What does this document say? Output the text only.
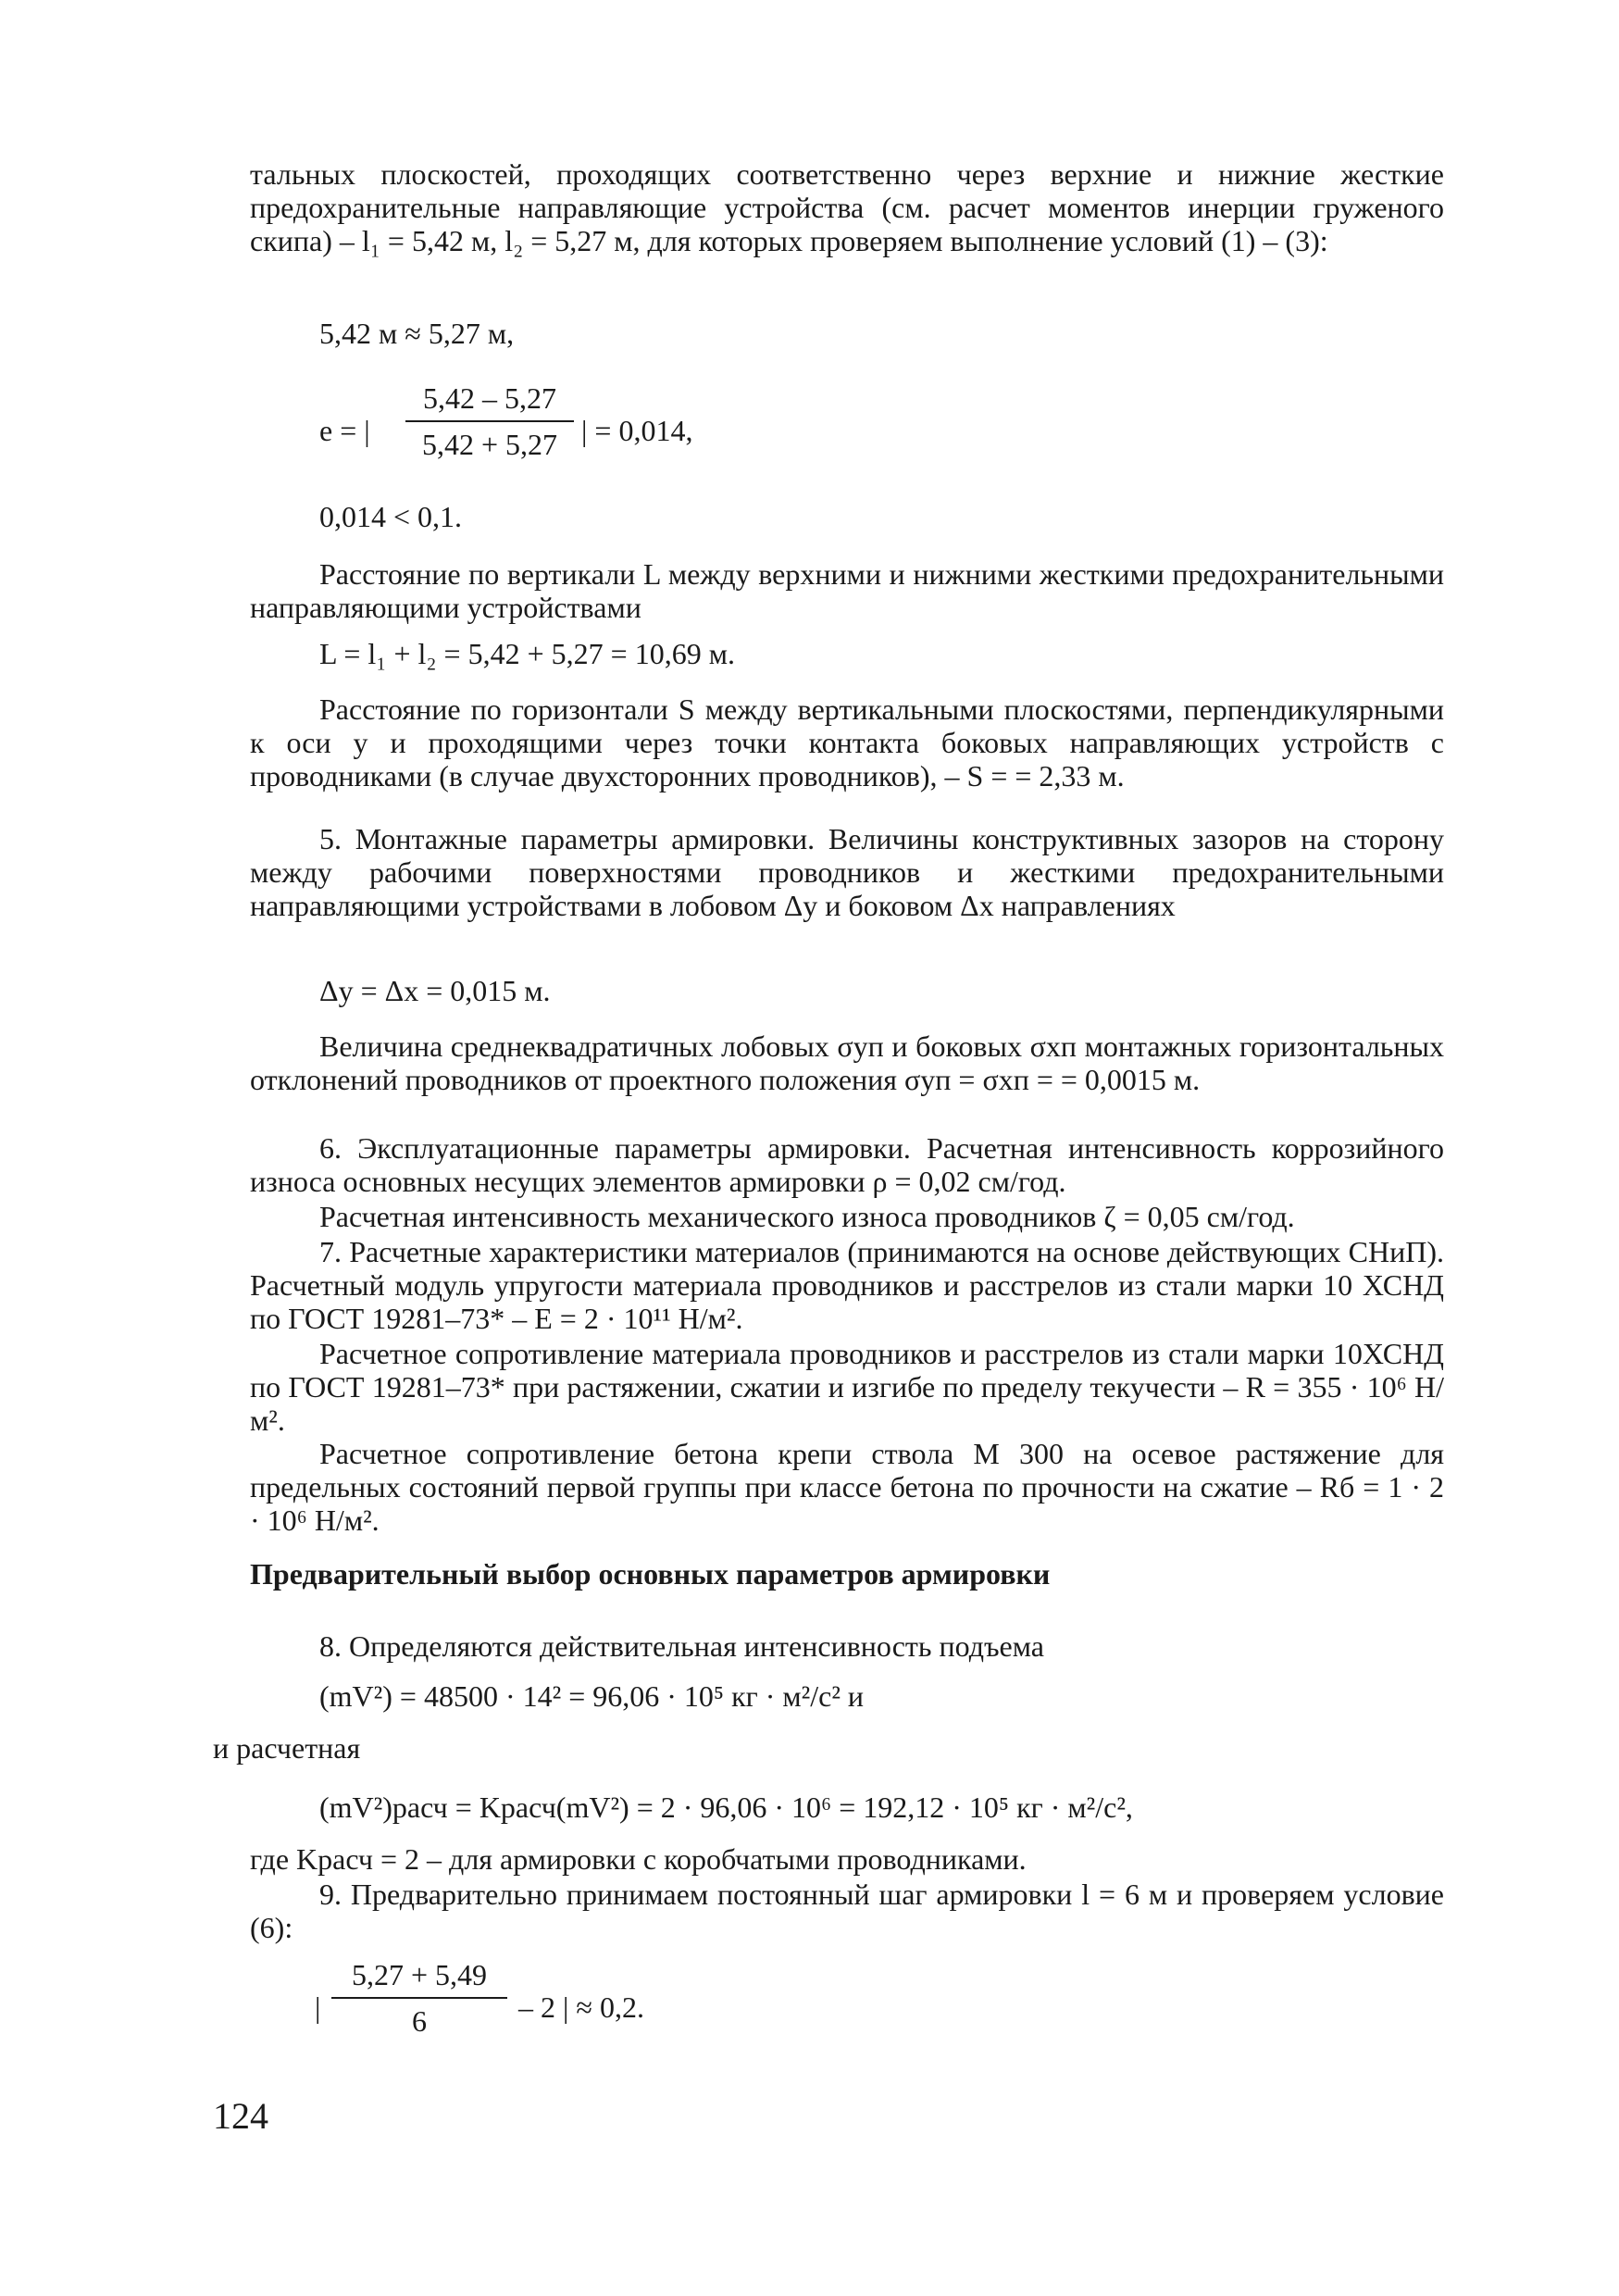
тальных плоскостей, проходящих соответственно через верхние и нижние жесткие предохранительные направляющие устройства (см. расчет моментов инерции груженого скипа) – l₁ = 5,42 м, l₂ = 5,27 м, для которых проверяем выполнение условий (1) – (3):

5,42 м ≈ 5,27 м,
e = |
5,42 – 5,27
5,42 + 5,27 | = 0,014,
0,014 < 0,1.

Расстояние по вертикали L между верхними и нижними жесткими предохранительными направляющими устройствами

L = l₁ + l₂ = 5,42 + 5,27 = 10,69 м.

Расстояние по горизонтали S между вертикальными плоскостями, перпендикулярными к оси y и проходящими через точки контакта боковых направляющих устройств с проводниками (в случае двухсторонних проводников), – S = = 2,33 м.

5. Монтажные параметры армировки. Величины конструктивных зазоров на сторону между рабочими поверхностями проводников и жесткими предохранительными направляющими устройствами в лобовом Δy и боковом Δx направлениях

Δy = Δx = 0,015 м.

Величина среднеквадратичных лобовых σyп и боковых σxп монтажных горизонтальных отклонений проводников от проектного положения σyп = σxп = = 0,0015 м.

6. Эксплуатационные параметры армировки. Расчетная интенсивность коррозийного износа основных несущих элементов армировки ρ = 0,02 см/год.

Расчетная интенсивность механического износа проводников ζ = 0,05 см/год.

7. Расчетные характеристики материалов (принимаются на основе действующих СНиП). Расчетный модуль упругости материала проводников и расстрелов из стали марки 10 ХСНД по ГОСТ 19281–73* – E = 2 · 10¹¹ Н/м².

Расчетное сопротивление материала проводников и расстрелов из стали марки 10ХСНД по ГОСТ 19281–73* при растяжении, сжатии и изгибе по пределу текучести – R = 355 · 10⁶ Н/м².

Расчетное сопротивление бетона крепи ствола М 300 на осевое растяжение для предельных состояний первой группы при классе бетона по прочности на сжатие – Rб = 1 · 2 · 10⁶ Н/м².

Предварительный выбор основных параметров армировки

8. Определяются действительная интенсивность подъема

(mV²) = 48500 · 14² = 96,06 · 10⁵ кг · м²/с² и
и расчетная
(mV²)расч = Kрасч(mV²) = 2 · 96,06 · 10⁶ = 192,12 · 10⁵ кг · м²/с²,
где Kрасч = 2 – для армировки с коробчатыми проводниками.

9. Предварительно принимаем постоянный шаг армировки l = 6 м и проверяем условие (6):

|
5,27 + 5,49
6	– 2 | ≈ 0,2.
124
